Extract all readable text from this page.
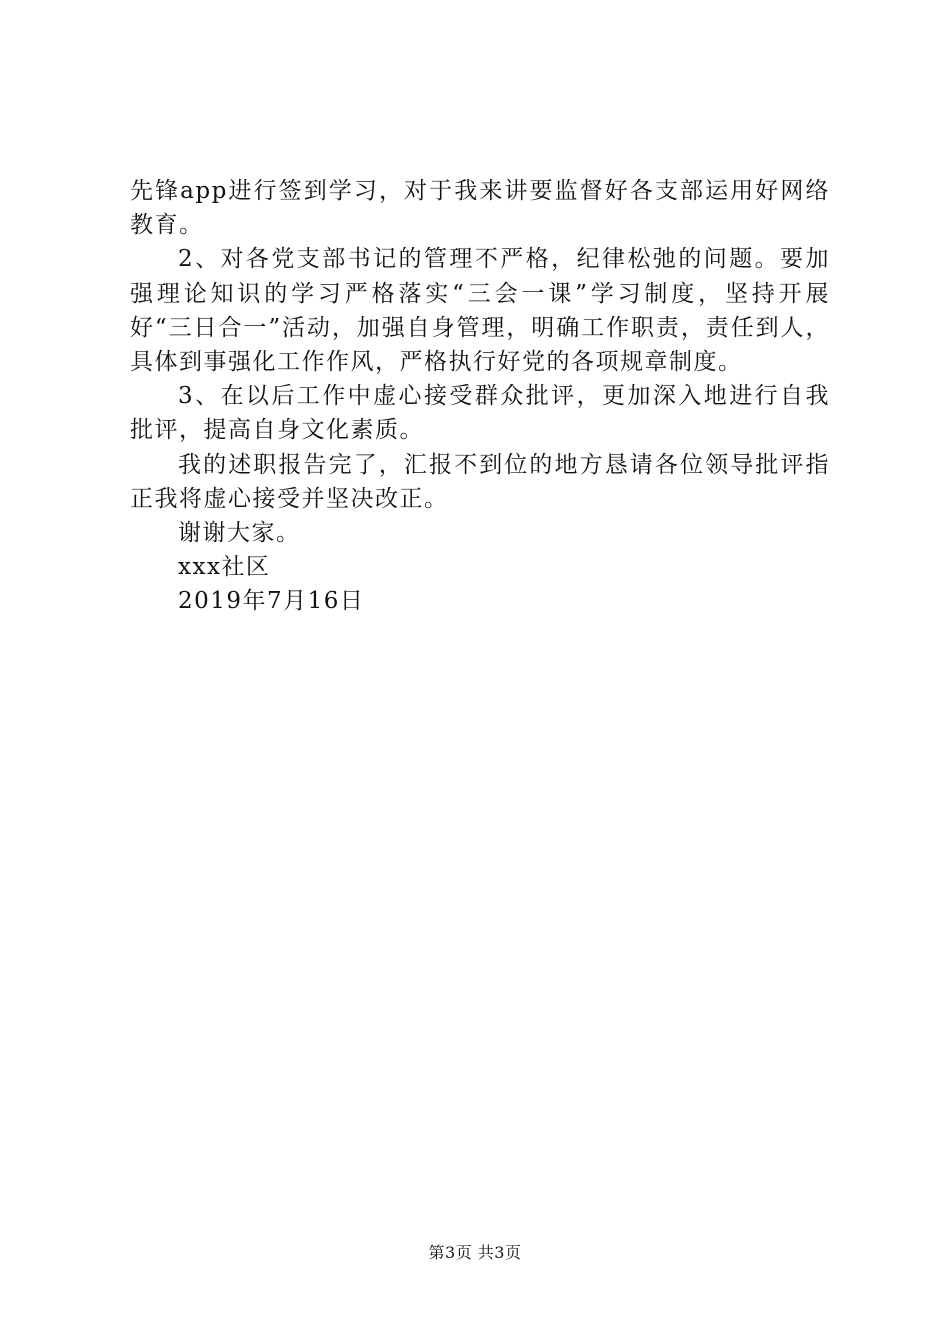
先锋app进行签到学习，对于我来讲要监督好各支部运用好网络教育。

2、对各党支部书记的管理不严格，纪律松弛的问题。要加强理论知识的学习严格落实“三会一课”学习制度，坚持开展好“三日合一”活动，加强自身管理，明确工作职责，责任到人，具体到事强化工作作风，严格执行好党的各项规章制度。

3、在以后工作中虚心接受群众批评，更加深入地进行自我批评，提高自身文化素质。

我的述职报告完了，汇报不到位的地方恳请各位领导批评指正我将虚心接受并坚决改正。

谢谢大家。

xxx社区

2019年7月16日

第3页 共3页
